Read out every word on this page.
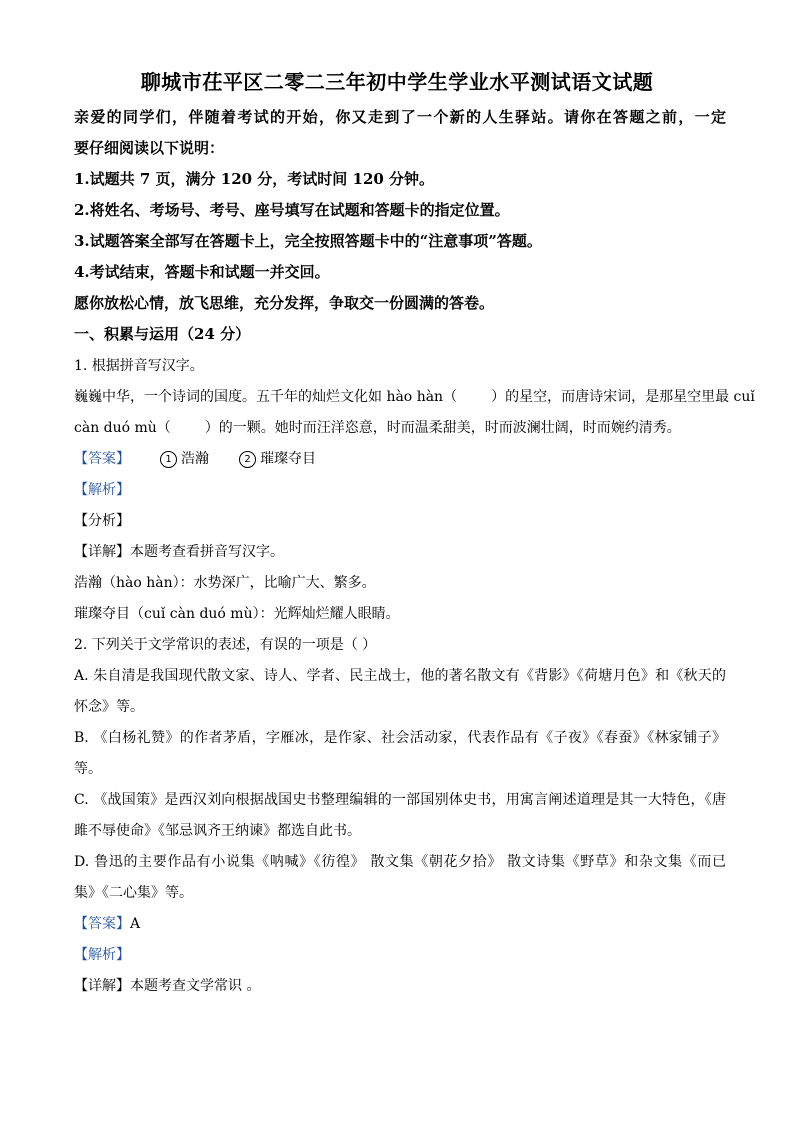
聊城市茌平区二零二三年初中学生学业水平测试语文试题
亲爱的同学们，伴随着考试的开始，你又走到了一个新的人生驿站。请你在答题之前，一定
要仔细阅读以下说明：
1.试题共 7 页，满分 120 分，考试时间 120 分钟。
2.将姓名、考场号、考号、座号填写在试题和答题卡的指定位置。
3.试题答案全部写在答题卡上，完全按照答题卡中的“注意事项”答题。
4.考试结束，答题卡和试题一并交回。
愿你放松心情，放飞思维，充分发挥，争取交一份圆满的答卷。
一、积累与运用（24 分）
1. 根据拼音写汉字。
巍巍中华，一个诗词的国度。五千年的灿烂文化如 hào hàn（ ）的星空，而唐诗宋词，是那星空里最 cuǐ
càn duó mù（ ）的一颗。她时而汪洋恣意，时而温柔甜美，时而波澜壮阔，时而婉约清秀。
【答案】	1 浩瀚	2 璀璨夺目
【解析】
【分析】
【详解】本题考查看拼音写汉字。
浩瀚（hào hàn）：水势深广，比喻广大、繁多。
璀璨夺目（cuǐ càn duó mù）：光辉灿烂耀人眼睛。
2. 下列关于文学常识的表述，有误的一项是（ ）
A. 朱自清是我国现代散文家、诗人、学者、民主战士，他的著名散文有《背影》《荷塘月色》和《秋天的
怀念》等。
B. 《白杨礼赞》的作者茅盾，字雁冰，是作家、社会活动家，代表作品有《子夜》《春蚕》《林家铺子》
等。
C. 《战国策》是西汉刘向根据战国史书整理编辑的一部国别体史书，用寓言阐述道理是其一大特色，《唐
雎不辱使命》《邹忌讽齐王纳谏》都选自此书。
D. 鲁迅的主要作品有小说集《呐喊》《彷徨》 散文集《朝花夕拾》 散文诗集《野草》和杂文集《而已
集》《二心集》等。
【答案】A
【解析】
【详解】本题考查文学常识 。
